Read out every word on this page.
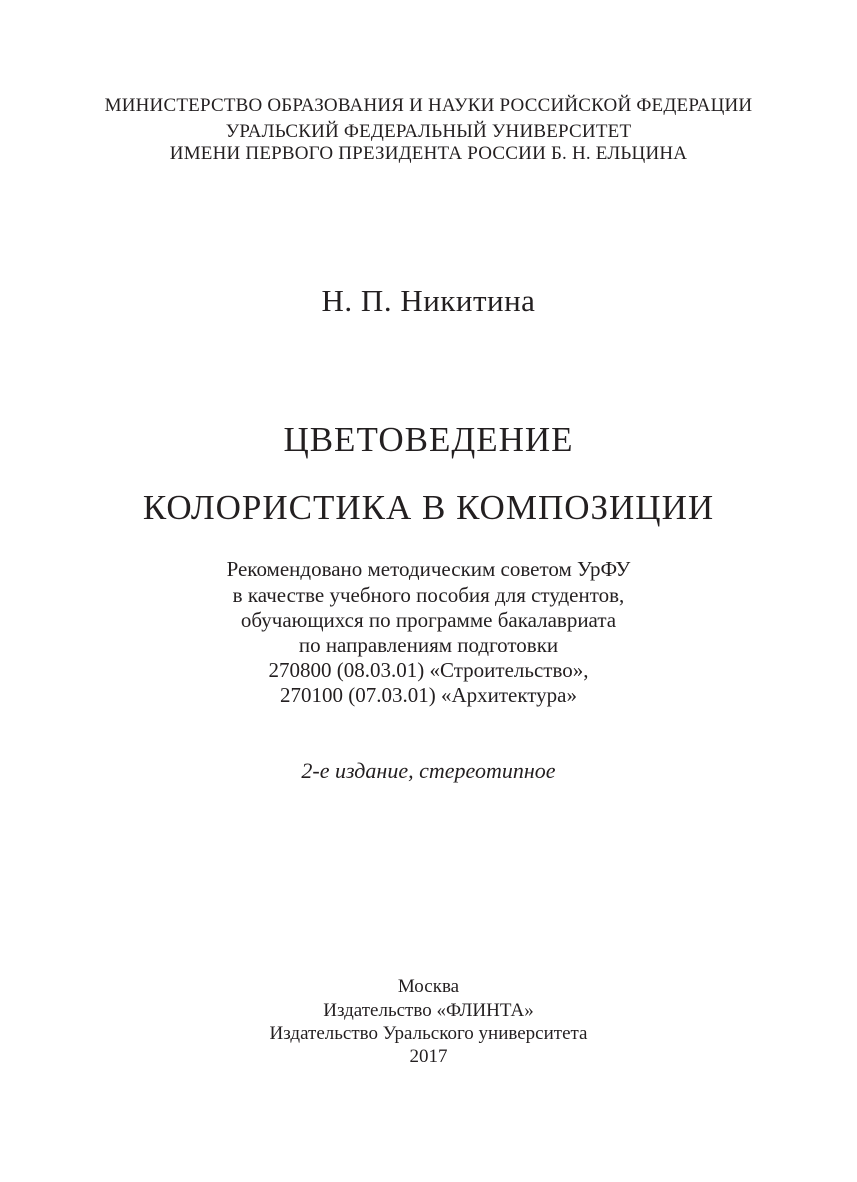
МИНИСТЕРСТВО ОБРАЗОВАНИЯ И НАУКИ РОССИЙСКОЙ ФЕДЕРАЦИИ
УРАЛЬСКИЙ ФЕДЕРАЛЬНЫЙ УНИВЕРСИТЕТ
ИМЕНИ ПЕРВОГО ПРЕЗИДЕНТА РОССИИ Б. Н. ЕЛЬЦИНА
Н. П. Никитина
ЦВЕТОВЕДЕНИЕ
КОЛОРИСТИКА В КОМПОЗИЦИИ
Рекомендовано методическим советом УрФУ
в качестве учебного пособия для студентов,
обучающихся по программе бакалавриата
по направлениям подготовки
270800 (08.03.01) «Строительство»,
270100 (07.03.01) «Архитектура»
2-е издание, стереотипное
Москва
Издательство «ФЛИНТА»
Издательство Уральского университета
2017
